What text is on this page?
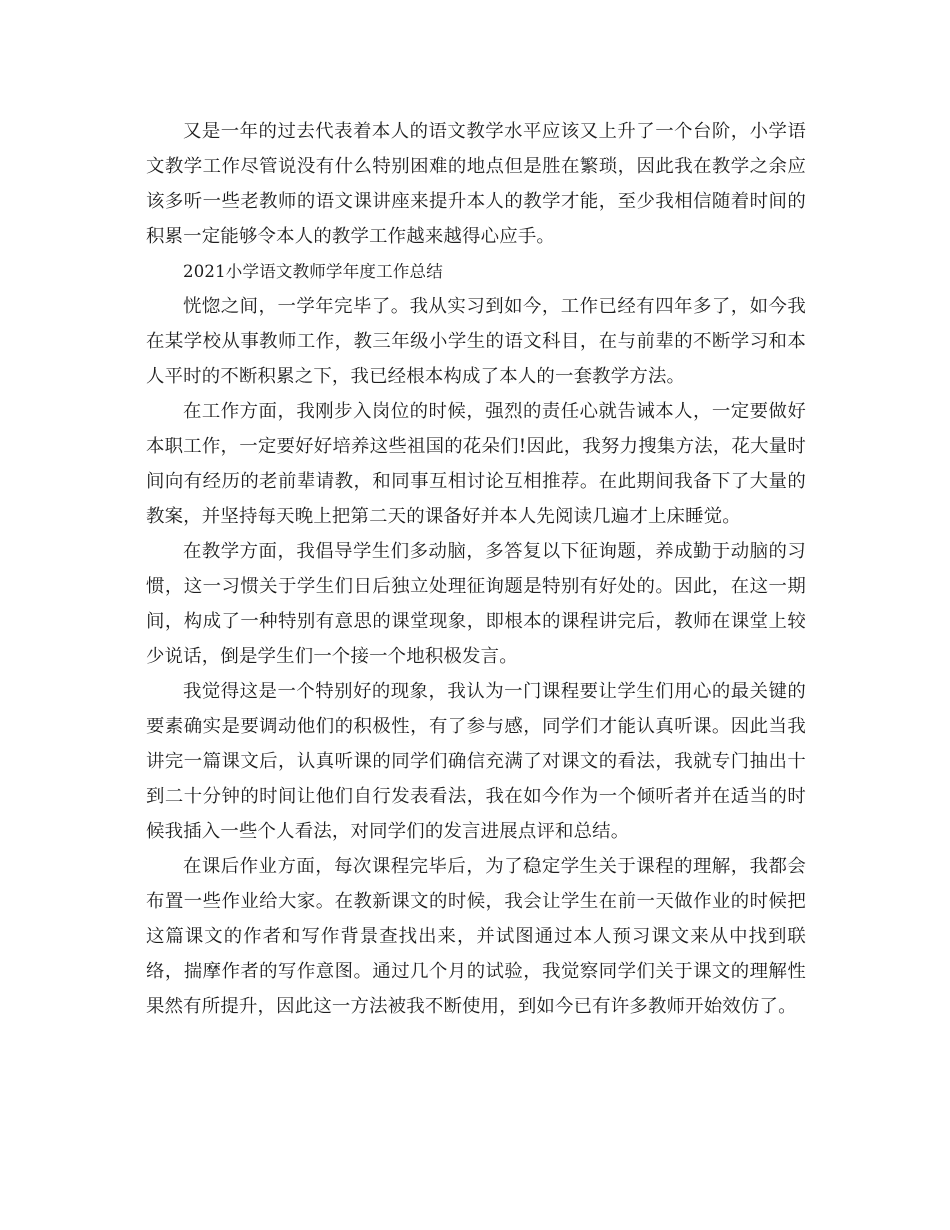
又是一年的过去代表着本人的语文教学水平应该又上升了一个台阶，小学语文教学工作尽管说没有什么特别困难的地点但是胜在繁琐，因此我在教学之余应该多听一些老教师的语文课讲座来提升本人的教学才能，至少我相信随着时间的积累一定能够令本人的教学工作越来越得心应手。

2021小学语文教师学年度工作总结

恍惚之间，一学年完毕了。我从实习到如今，工作已经有四年多了，如今我在某学校从事教师工作，教三年级小学生的语文科目，在与前辈的不断学习和本人平时的不断积累之下，我已经根本构成了本人的一套教学方法。

在工作方面，我刚步入岗位的时候，强烈的责任心就告诫本人，一定要做好本职工作，一定要好好培养这些祖国的花朵们!因此，我努力搜集方法，花大量时间向有经历的老前辈请教，和同事互相讨论互相推荐。在此期间我备下了大量的教案，并坚持每天晚上把第二天的课备好并本人先阅读几遍才上床睡觉。

在教学方面，我倡导学生们多动脑，多答复以下征询题，养成勤于动脑的习惯，这一习惯关于学生们日后独立处理征询题是特别有好处的。因此，在这一期间，构成了一种特别有意思的课堂现象，即根本的课程讲完后，教师在课堂上较少说话，倒是学生们一个接一个地积极发言。

我觉得这是一个特别好的现象，我认为一门课程要让学生们用心的最关键的要素确实是要调动他们的积极性，有了参与感，同学们才能认真听课。因此当我讲完一篇课文后，认真听课的同学们确信充满了对课文的看法，我就专门抽出十到二十分钟的时间让他们自行发表看法，我在如今作为一个倾听者并在适当的时候我插入一些个人看法，对同学们的发言进展点评和总结。

在课后作业方面，每次课程完毕后，为了稳定学生关于课程的理解，我都会布置一些作业给大家。在教新课文的时候，我会让学生在前一天做作业的时候把这篇课文的作者和写作背景查找出来，并试图通过本人预习课文来从中找到联络，揣摩作者的写作意图。通过几个月的试验，我觉察同学们关于课文的理解性果然有所提升，因此这一方法被我不断使用，到如今已有许多教师开始效仿了。
